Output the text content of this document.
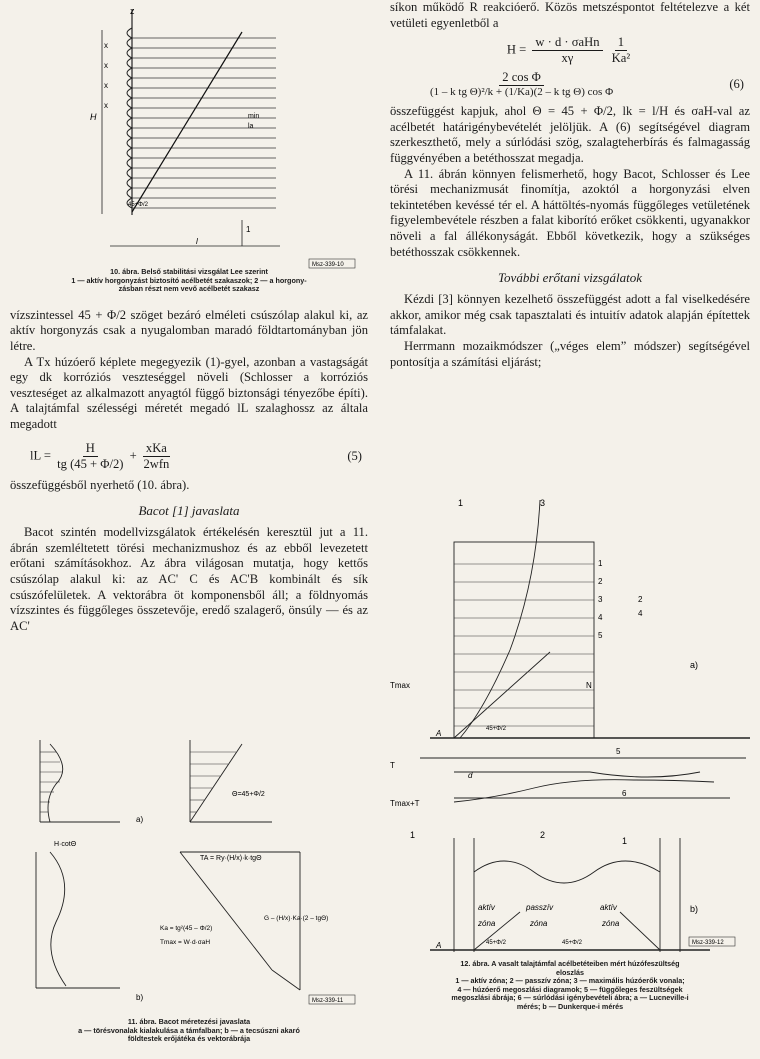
z
H
x
x
x
x
min
la
45+Φ/2
1
l
Msz-339-10
10. ábra. Belső stabilitási vizsgálat Lee szerint
1 — aktív horgonyzást biztosító acélbetét szakaszok; 2 — a horgony-
zásban részt nem vevő acélbetét szakasz

vízszintessel 45 + Φ/2 szöget bezáró elméleti csúszólap alakul ki, az aktív horgonyzás csak a nyugalomban maradó földtartományban jön létre.

A Tx húzóerő képlete megegyezik (1)-gyel, azonban a vastagságát egy dk korróziós veszteséggel növeli (Schlosser a korróziós veszteséget az alkalmazott anyagtól függő biztonsági tényezőbe építi). A talajtámfal szélességi méretét megadó lL szalaghossz az általa megadott

lL = $\frac{H}{tg (45 + \Phi/2)} + \frac{\text{xKa}}{\text{2wfn}}$	(5)

összefüggésből nyerhető (10. ábra).

Bacot [1] javaslata

Bacot szintén modellvizsgálatok értékelésén keresztül jut a 11. ábrán szemléltetett törési mechanizmushoz és az ebből levezetett erőtani számításokhoz. Az ábra világosan mutatja, hogy kettős csúszólap alakul ki: az AC' C és AC'B kombinált és sík csúszófelületek. A vektorábra öt komponensből áll; a földnyomás vízszintes és függőleges összetevője, eredő szalagerő, önsúly — és az AC'

a)
Θ=45+Φ/2
H·cotΘ
TA = Ry·(H/x)·k·tgΘ
G – (H/x)·Ka·(2 – tgΘ)
Ka = tg²(45 – Φ/2)
Tmax = W·d·σaH
b)	Msz-339-11
11. ábra. Bacot méretezési javaslata
a — törésvonalak kialakulása a támfalban; b — a tecsúszni akaró
földtestek erőjátéka és vektorábrája

síkon működő R reakcióerő. Közös metszéspontot feltételezve a két vetületi egyenletből a

$H = \frac{\text{w · d · σaHn}}{x\gamma}$
$\frac{1}{\text{Ka²}}$
$\frac{\text{2 cos Φ}}{\text{(1 – k tg Θ)²/k + (1/Ka)(2 – k tg Θ) cos Φ}}$	(6)

összefüggést kapjuk, ahol Θ = 45 + Φ/2, lk = l/H és σaH-val az acélbetét határigénybevételét jelöljük. A (6) segítségével diagram szerkeszthető, mely a súrlódási szög, szalagteherbírás és falmagasság függvényében a betéthosszat megadja.

A 11. ábrán könnyen felismerhető, hogy Bacot, Schlosser és Lee törési mechanizmusát finomítja, azoktól a horgonyzási elven tekintetében kevéssé tér el. A háttöltés-nyomás függőleges vetületének figyelembevétele részben a falat kiborító erőket csökkenti, ugyanakkor növeli a fal állékonyságát. Ebből következik, hogy a szükséges betéthosszak csökkennek.

További erőtani vizsgálatok

Kézdi [3] könnyen kezelhető összefüggést adott a fal viselkedésére akkor, amikor még csak tapasztalati és intuitív adatok alapján építettek támfalakat.

Herrmann mozaikmódszer („véges elem” módszer) segítségével pontosítja a számítási eljárást;

1	3
1
2
3
4
5
2
4
N
a)
Tmax
A	45+Φ/2
T
d
5
Tmax+T
6
1	2
1
aktív
zóna
passzív
zóna
aktív
zóna
b)
A	45+Φ/2	45+Φ/2	Msz-339-12
12. ábra. A vasalt talajtámfal acélbetéteiben mért húzófeszültség
eloszlás
1 — aktív zóna; 2 — passzív zóna; 3 — maximális húzóerők vonala;
4 — húzóerő megoszlási diagramok; 5 — függőleges feszültségek
megoszlási ábrája; 6 — súrlódási igénybevételi ábra; a — Lucneville-i
mérés; b — Dunkerque-i mérés
